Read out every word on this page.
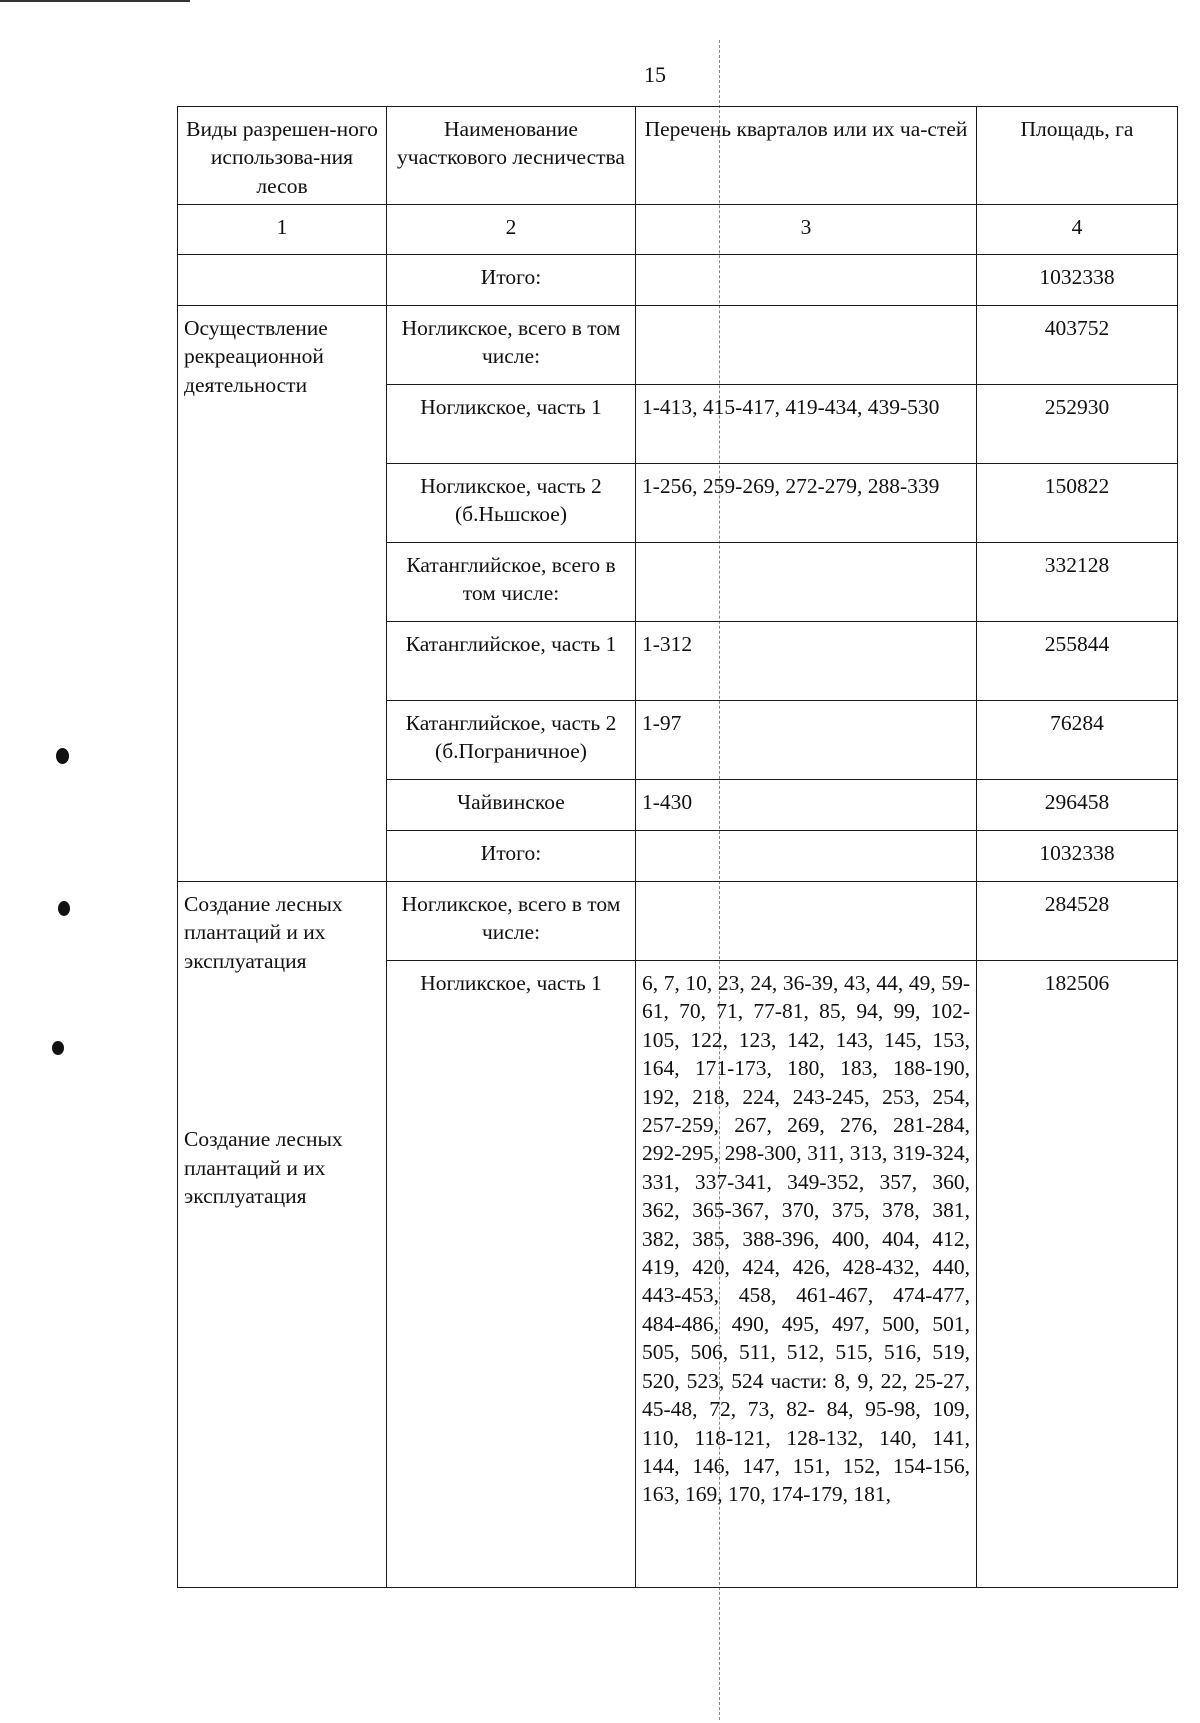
15
Виды разрешен-ного использова-ния лесов	Наименование участкового лесничества	Перечень кварталов или их ча-стей	Площадь, га
1	2	3	4
	Итого:		1032338
Осуществление рекреационной деятельности	Ногликское, всего в том числе:		403752
	Ногликское, часть 1	1-413, 415-417, 419-434, 439-530	252930
	Ногликское, часть 2 (б.Ньшское)	1-256, 259-269, 272-279, 288-339	150822
	Катанглийское, всего в том числе:		332128
	Катанглийское, часть 1	1-312	255844
	Катанглийское, часть 2 (б.Пограничное)	1-97	76284
	Чайвинское	1-430	296458
	Итого:		1032338

Создание лесных плантаций и их эксплуатация
Создание лесных плантаций и их эксплуатация	Ногликское, всего в том числе:		284528
	Ногликское, часть 1	6, 7, 10, 23, 24, 36-39, 43, 44, 49, 59-61, 70, 71, 77-81, 85, 94, 99, 102-105, 122, 123, 142, 143, 145, 153, 164, 171-173, 180, 183, 188-190, 192, 218, 224, 243-245, 253, 254, 257-259, 267, 269, 276, 281-284, 292-295, 298-300, 311, 313, 319-324, 331, 337-341, 349-352, 357, 360, 362, 365-367, 370, 375, 378, 381, 382, 385, 388-396, 400, 404, 412, 419, 420, 424, 426, 428-432, 440, 443-453, 458, 461-467, 474-477, 484-486, 490, 495, 497, 500, 501, 505, 506, 511, 512, 515, 516, 519, 520, 523, 524 части: 8, 9, 22, 25-27, 45-48, 72, 73, 82- 84, 95-98, 109, 110, 118-121, 128-132, 140, 141, 144, 146, 147, 151, 152, 154-156, 163, 169, 170, 174-179, 181,	182506
